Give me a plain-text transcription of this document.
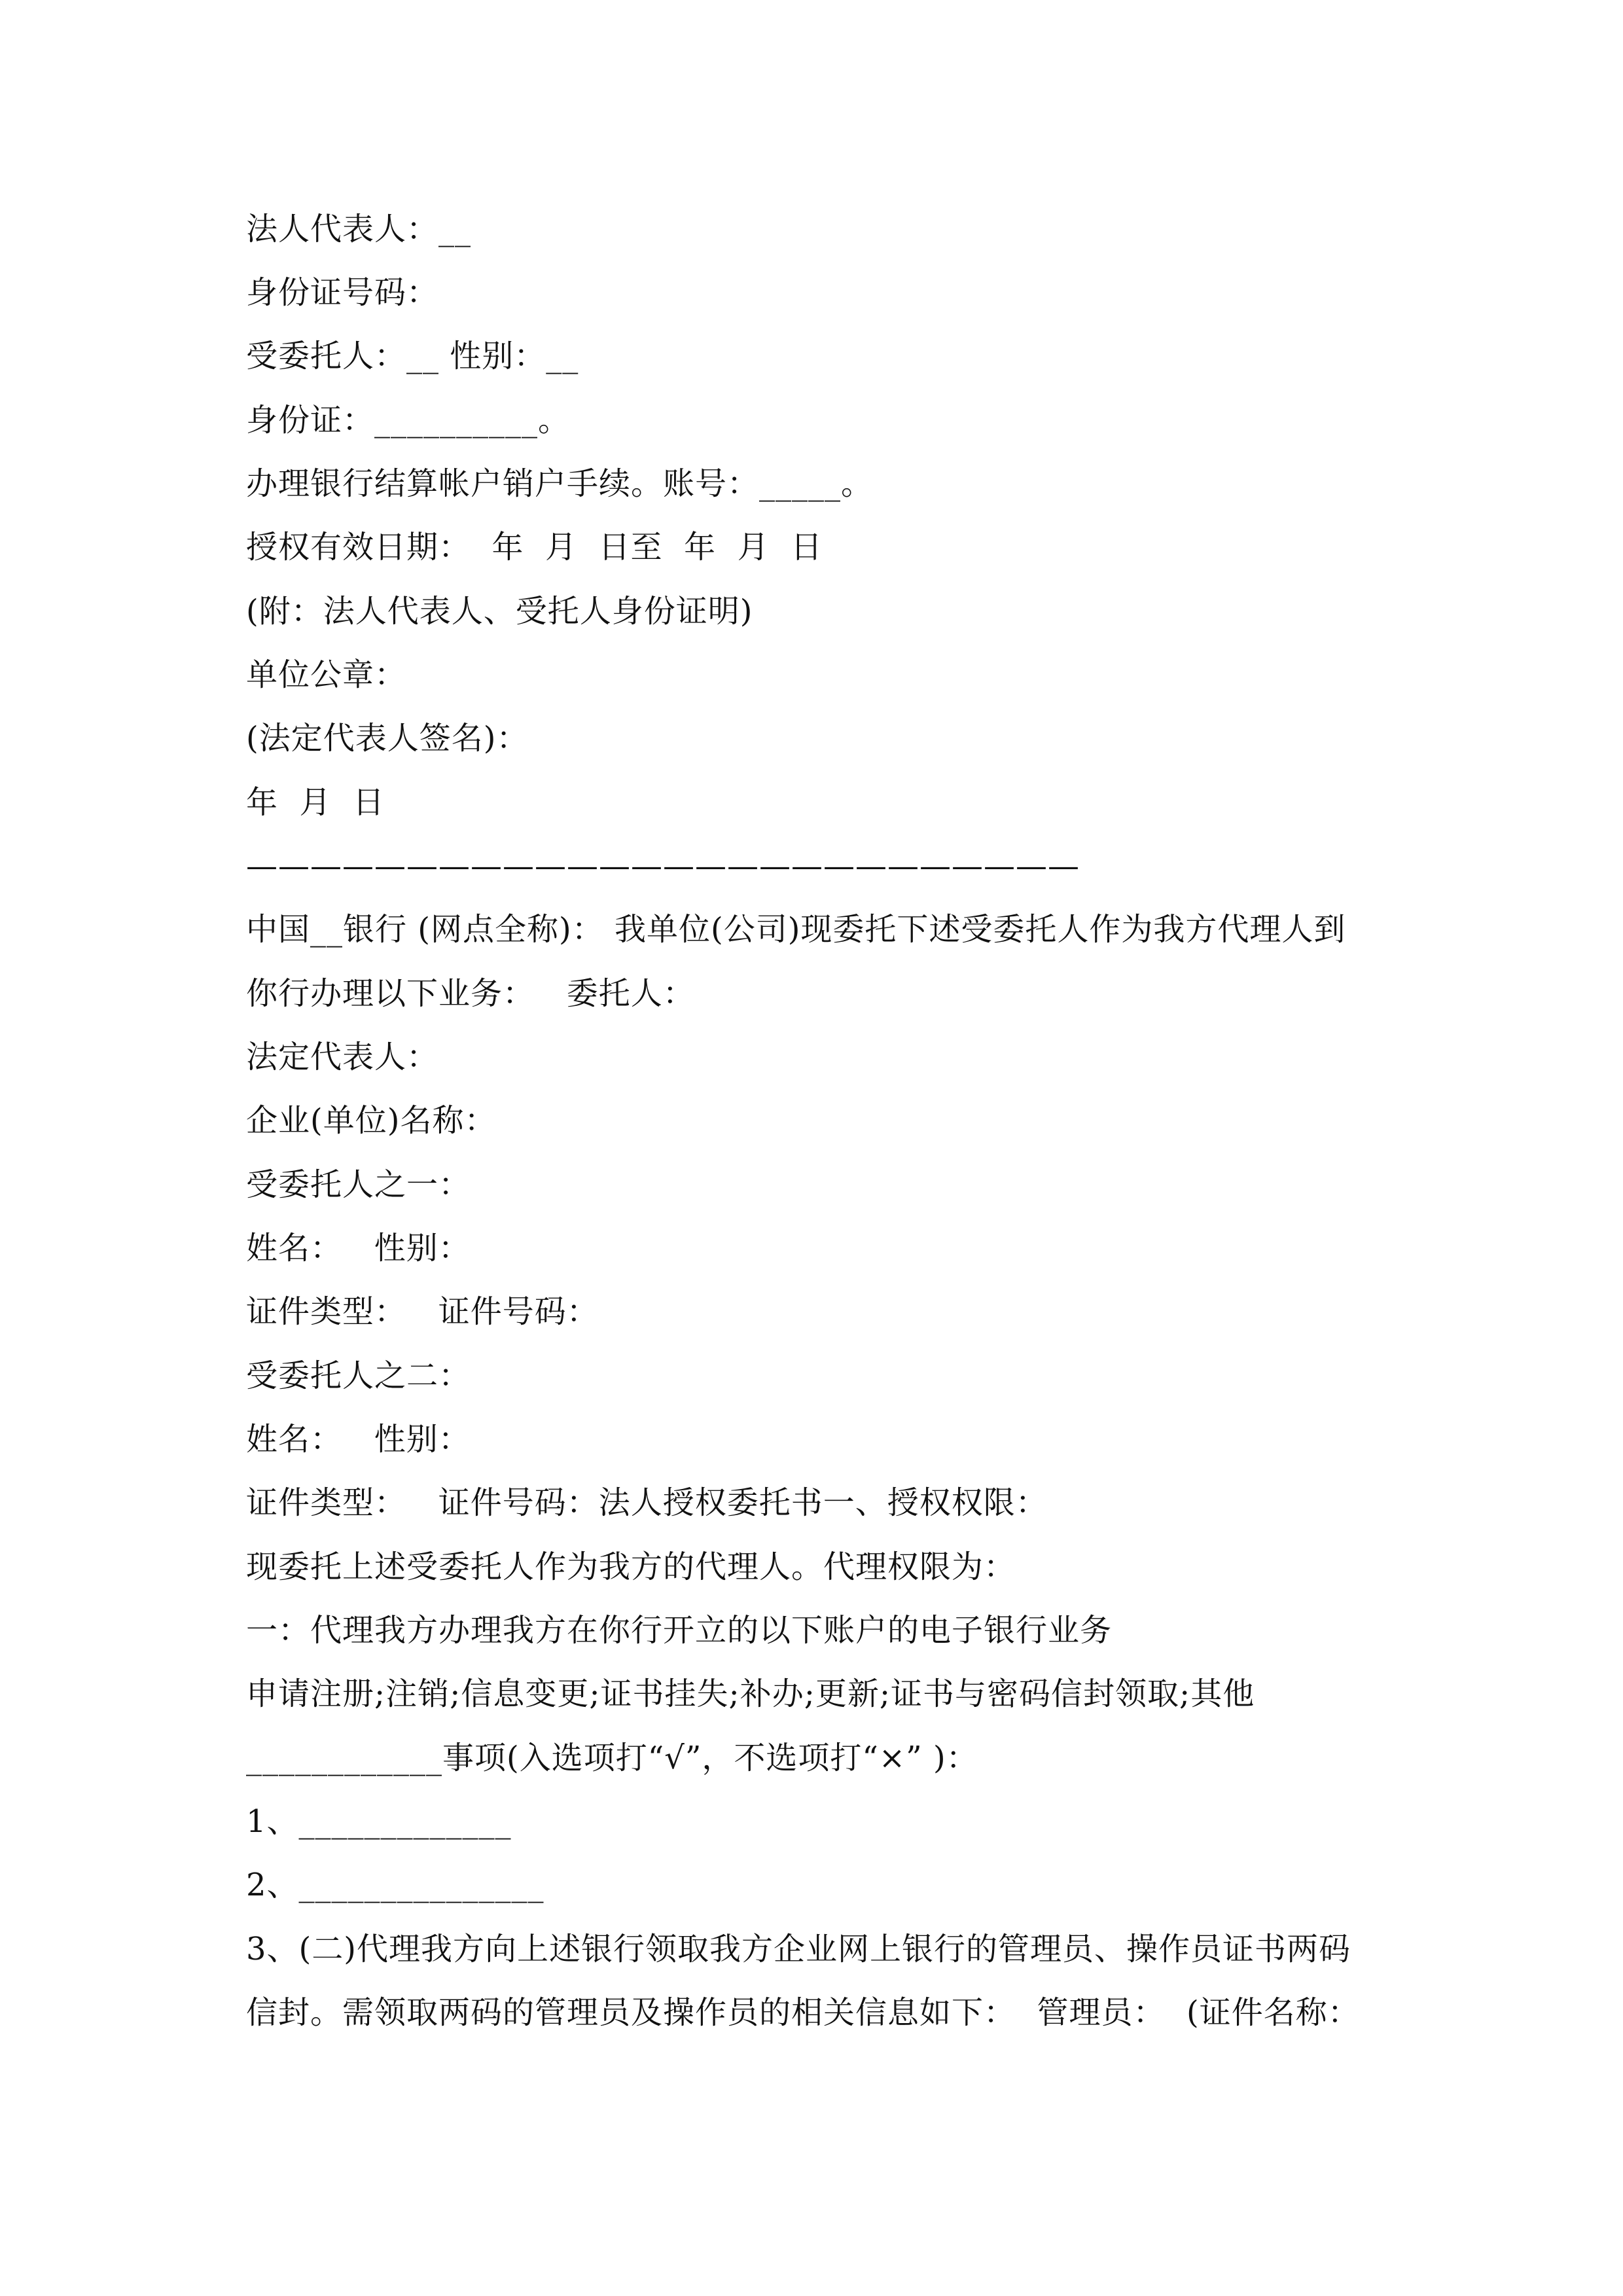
法人代表人：__
身份证号码：
受委托人：__ 性别：__
身份证：__________。
办理银行结算帐户销户手续。账号：_____。
授权有效日期：  年  月  日至  年  月  日
(附：法人代表人、受托人身份证明)
单位公章：
(法定代表人签名)：
年  月  日
——————————————————————————
中国__银行 (网点全称)： 我单位(公司)现委托下述受委托人作为我方代理人到
你行办理以下业务：   委托人：
法定代表人：
企业(单位)名称：
受委托人之一：
姓名：   性别：
证件类型：   证件号码：
受委托人之二：
姓名：   性别：
证件类型：   证件号码：法人授权委托书一、授权权限：
现委托上述受委托人作为我方的代理人。代理权限为：
一：代理我方办理我方在你行开立的以下账户的电子银行业务
申请注册;注销;信息变更;证书挂失;补办;更新;证书与密码信封领取;其他
____________事项(入选项打“√”，不选项打“×” )：
1、_____________
2、_______________
3、(二)代理我方向上述银行领取我方企业网上银行的管理员、操作员证书两码
信封。需领取两码的管理员及操作员的相关信息如下：  管理员：  (证件名称：
